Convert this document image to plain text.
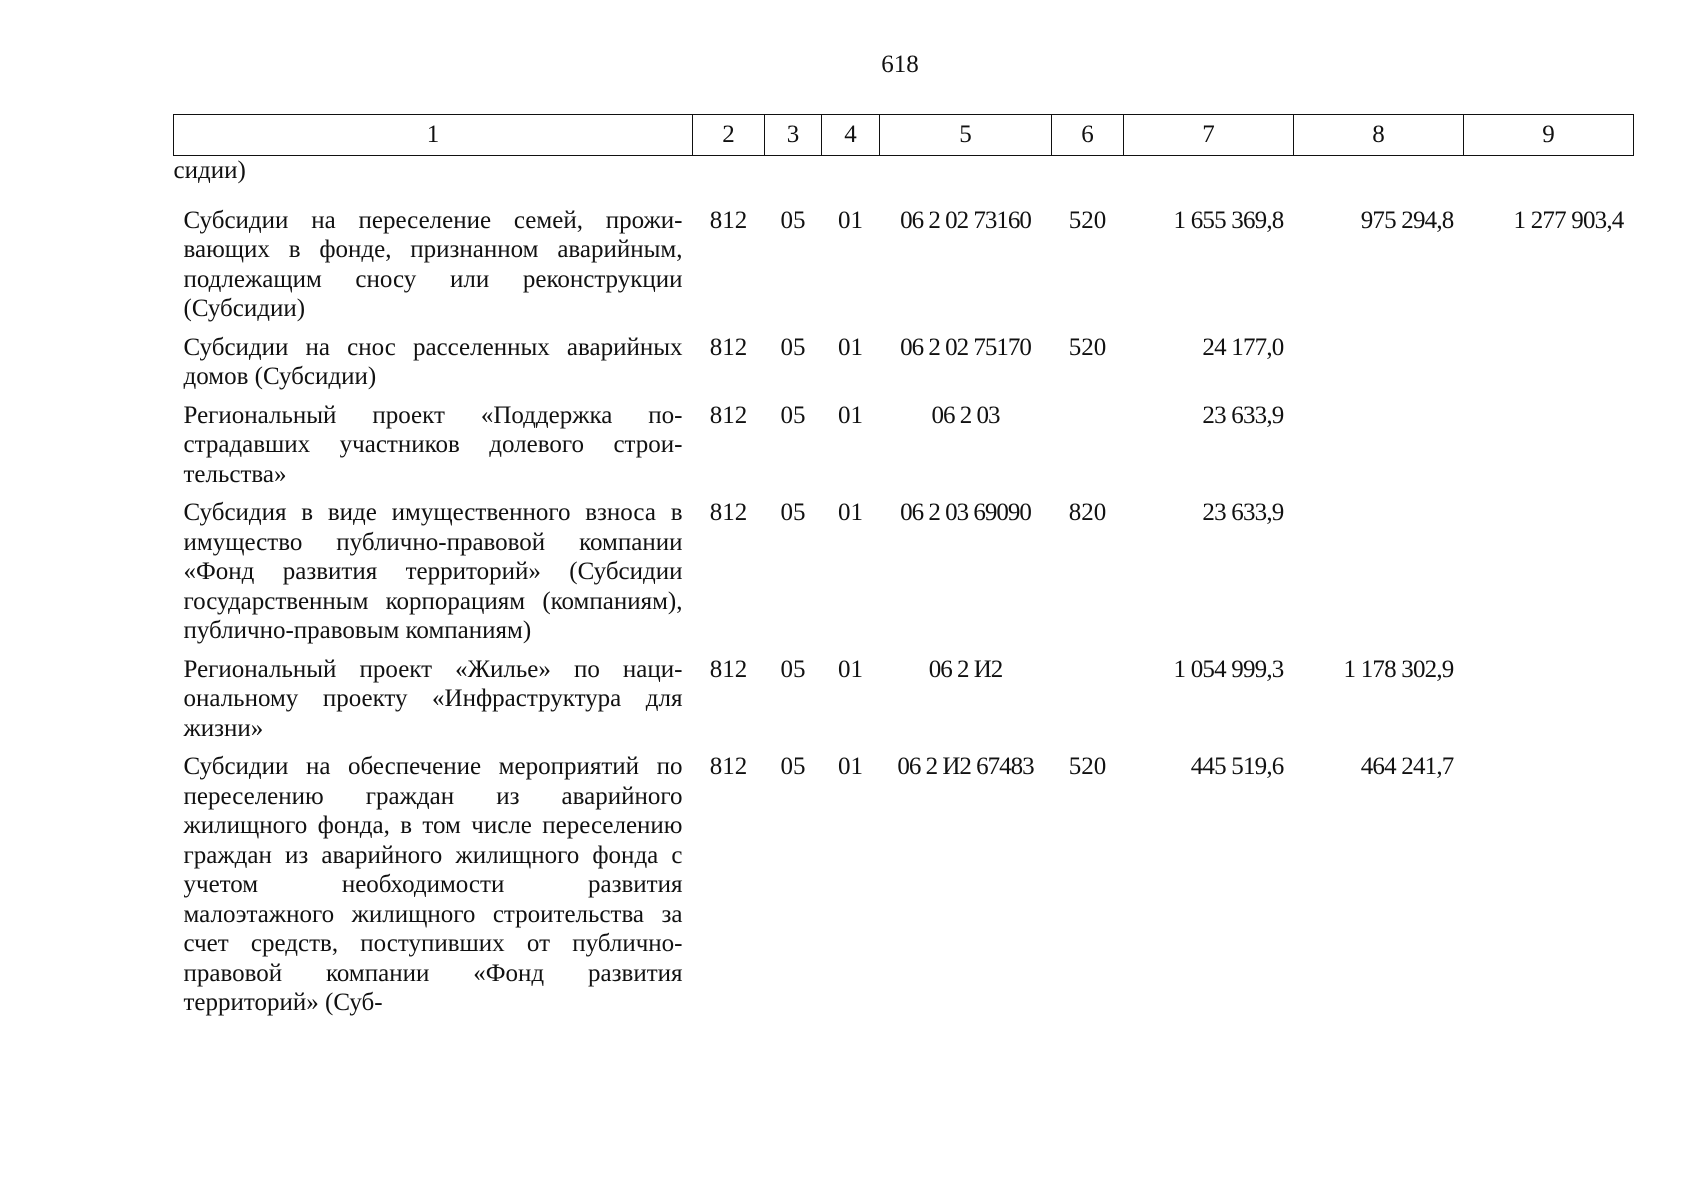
618
1	2	3	4	5	6	7	8	9
сидии)								
Субсидии на переселение семей, проживающих в фонде, признанном аварийным, подлежащим сносу или реконструкции (Субсидии)	812	05	01	06 2 02 73160	520	1 655 369,8	975 294,8	1 277 903,4
Субсидии на снос расселенных аварийных домов (Субсидии)	812	05	01	06 2 02 75170	520	24 177,0		
Региональный проект «Поддержка пострадавших участников долевого строительства»	812	05	01	06 2 03		23 633,9		
Субсидия в виде имущественного взноса в имущество публично-правовой компании «Фонд развития территорий» (Субсидии государственным корпорациям (компаниям), публично-правовым компаниям)	812	05	01	06 2 03 69090	820	23 633,9		
Региональный проект «Жилье» по национальному проекту «Инфраструктура для жизни»	812	05	01	06 2 И2		1 054 999,3	1 178 302,9	
Субсидии на обеспечение мероприятий по переселению граждан из аварийного жилищного фонда, в том числе переселению граждан из аварийного жилищного фонда с учетом необходимости развития малоэтажного жилищного строительства за счет средств, поступивших от публично-правовой компании «Фонд развития территорий» (Суб-	812	05	01	06 2 И2 67483	520	445 519,6	464 241,7	
